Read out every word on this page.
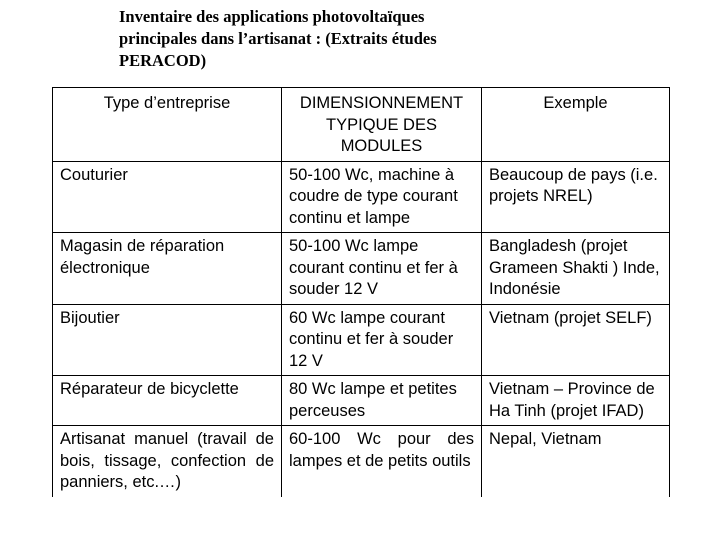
Inventaire des applications photovoltaïques
principales dans l’artisanat : (Extraits études
PERACOD)
Type d’entreprise	DIMENSIONNEMENT TYPIQUE DES MODULES	Exemple
Couturier	50-100 Wc, machine à coudre de type courant continu et lampe	Beaucoup de pays (i.e. projets NREL)
Magasin de réparation électronique	50-100 Wc lampe courant continu et fer à souder 12 V	Bangladesh (projet Grameen Shakti ) Inde, Indonésie
Bijoutier	60 Wc lampe courant continu et fer à souder 12 V	Vietnam (projet SELF)
Réparateur de bicyclette	80 Wc lampe et petites perceuses	Vietnam – Province de Ha Tinh (projet IFAD)
Artisanat manuel (travail de bois, tissage, confection de panniers, etc.…)	60-100 Wc pour des lampes et de petits outils	Nepal, Vietnam
